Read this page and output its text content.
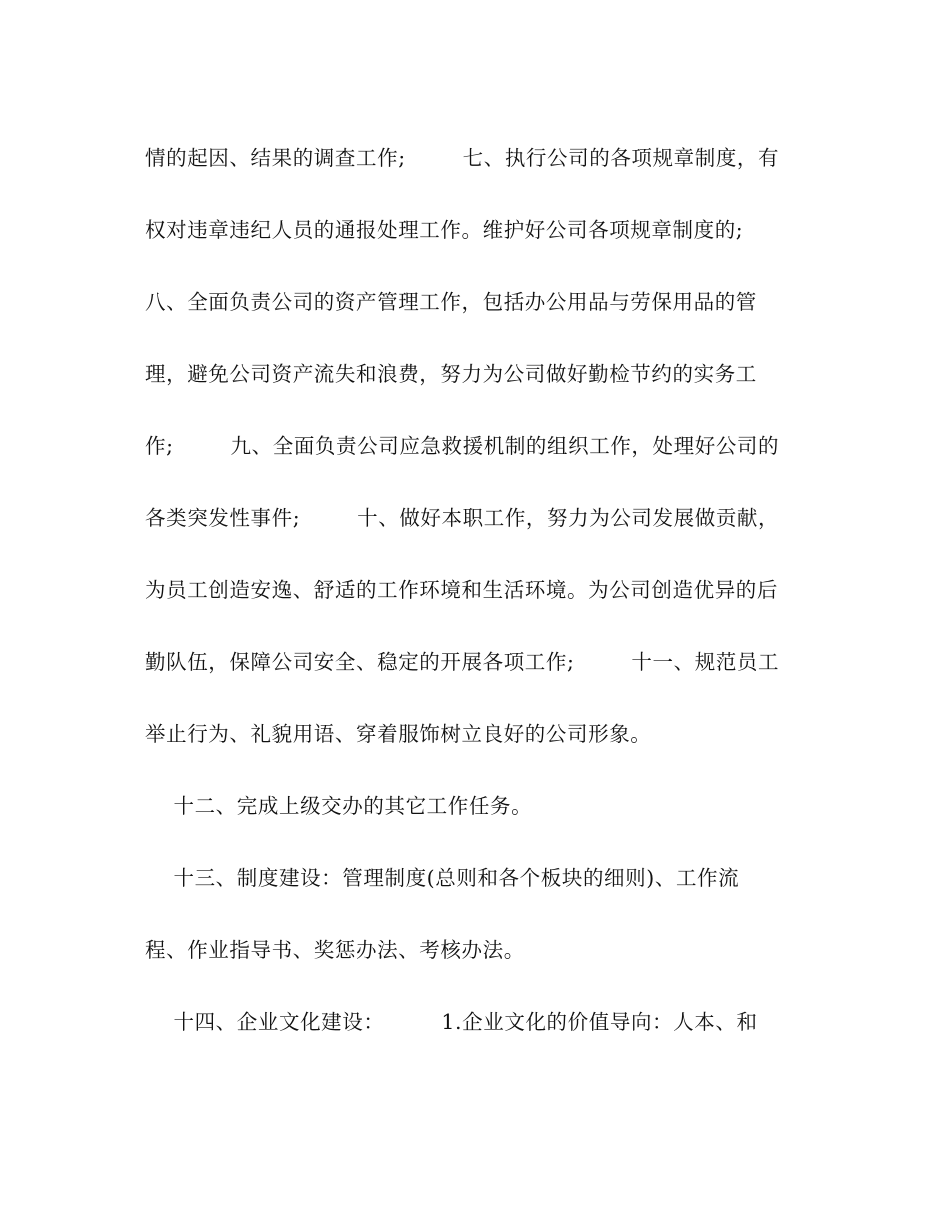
情的起因、结果的调查工作;        七、执行公司的各项规章制度，有
权对违章违纪人员的通报处理工作。维护好公司各项规章制度的;
八、全面负责公司的资产管理工作，包括办公用品与劳保用品的管
理，避免公司资产流失和浪费，努力为公司做好勤检节约的实务工
作;        九、全面负责公司应急救援机制的组织工作，处理好公司的
各类突发性事件;        十、做好本职工作，努力为公司发展做贡献，
为员工创造安逸、舒适的工作环境和生活环境。为公司创造优异的后
勤队伍，保障公司安全、稳定的开展各项工作;        十一、规范员工
举止行为、礼貌用语、穿着服饰树立良好的公司形象。
十二、完成上级交办的其它工作任务。
十三、制度建设：管理制度(总则和各个板块的细则)、工作流
程、作业指导书、奖惩办法、考核办法。
十四、企业文化建设：        1.企业文化的价值导向：人本、和
